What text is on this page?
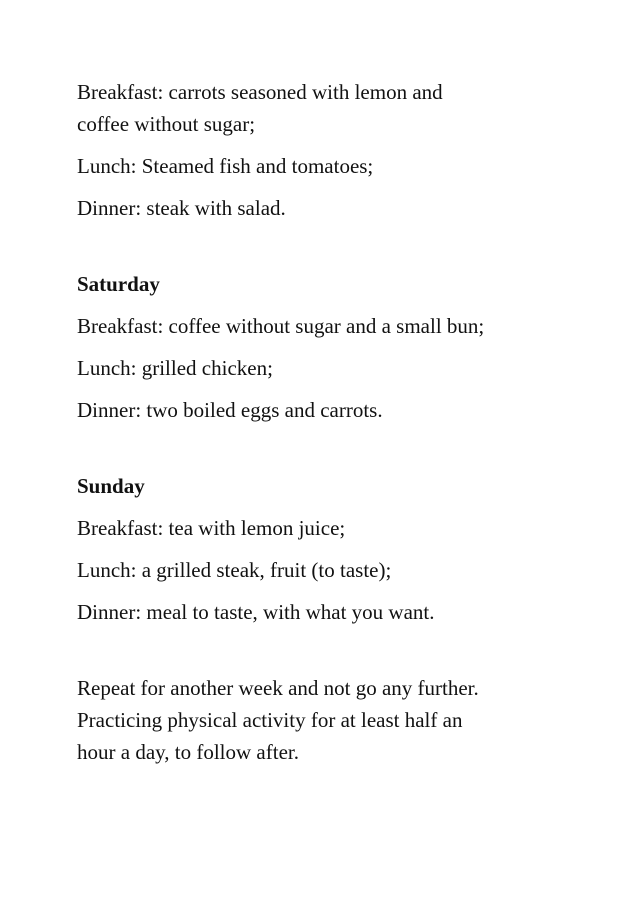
Breakfast: carrots seasoned with lemon and
coffee without sugar;
Lunch: Steamed fish and tomatoes;
Dinner: steak with salad.
Saturday
Breakfast: coffee without sugar and a small bun;
Lunch: grilled chicken;
Dinner: two boiled eggs and carrots.
Sunday
Breakfast: tea with lemon juice;
Lunch: a grilled steak, fruit (to taste);
Dinner: meal to taste, with what you want.
Repeat for another week and not go any further.
Practicing physical activity for at least half an
hour a day, to follow after.
